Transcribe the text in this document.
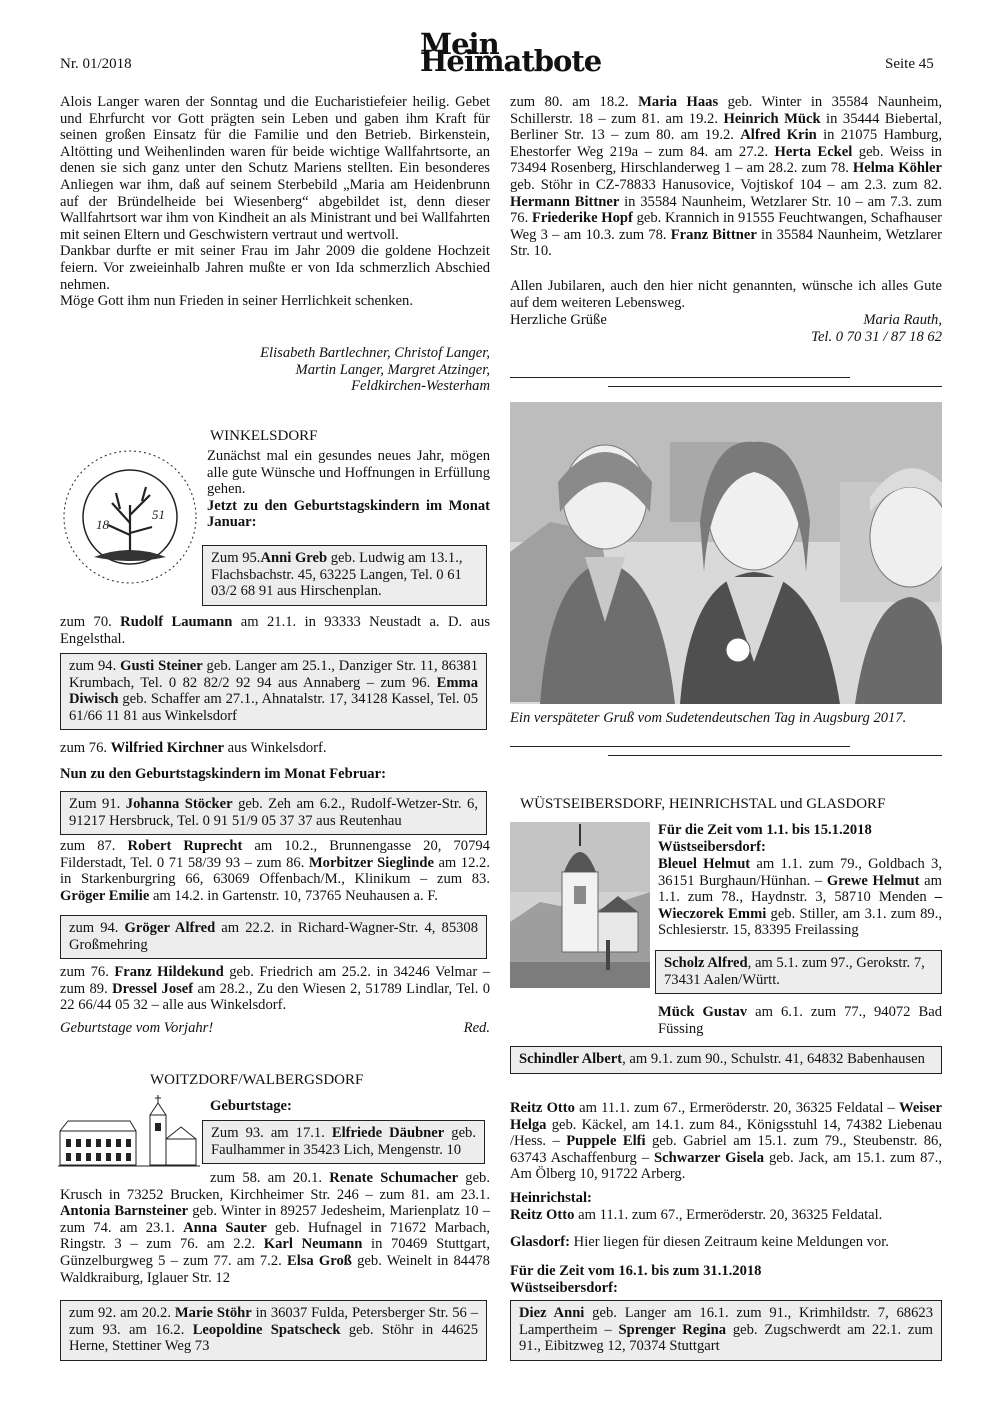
Nr. 01/2018
Mein Heimatbote	Seite 45

Alois Langer waren der Sonntag und die Eucharistiefeier heilig. Gebet und Ehrfurcht vor Gott prägten sein Leben und gaben ihm Kraft für seinen großen Einsatz für die Familie und den Betrieb. Birkenstein, Altötting und Weihenlinden waren für beide wichtige Wallfahrtsorte, an denen sie sich ganz unter den Schutz Mariens stellten. Ein besonderes Anliegen war ihm, daß auf seinem Sterbebild „Maria am Heidenbrunn auf der Bründelheide bei Wiesenberg“ abgebildet ist, denn dieser Wallfahrtsort war ihm von Kindheit an als Ministrant und bei Wallfahrten mit seinen Eltern und Geschwistern vertraut und wertvoll.

Dankbar durfte er mit seiner Frau im Jahr 2009 die goldene Hochzeit feiern. Vor zweieinhalb Jahren mußte er von Ida schmerzlich Abschied nehmen.

Möge Gott ihm nun Frieden in seiner Herrlichkeit schenken.

Elisabeth Bartlechner, Christof Langer,

Martin Langer, Margret Atzinger,

Feldkirchen-Westerham

WINKELSDORF
18
51

Zunächst mal ein gesundes neues Jahr, mögen alle gute Wünsche und Hoffnungen in Erfüllung gehen.

Jetzt zu den Geburtstagskindern im Monat Januar:

Zum 95.Anni Greb geb. Ludwig am 13.1., Flachsbachstr. 45, 63225 Langen, Tel. 0 61 03/2 68 91 aus Hirschenplan.
zum 70. Rudolf Laumann am 21.1. in 93333 Neustadt a. D. aus Engelsthal.
zum 94. Gusti Steiner geb. Langer am 25.1., Danziger Str. 11, 86381 Krumbach, Tel. 0 82 82/2 92 94 aus Annaberg – zum 96. Emma Diwisch geb. Schaffer am 27.1., Ahnatalstr. 17, 34128 Kassel, Tel. 05 61/66 11 81 aus Winkelsdorf
zum 76. Wilfried Kirchner aus Winkelsdorf.
Nun zu den Geburtstagskindern im Monat Februar:
Zum 91. Johanna Stöcker geb. Zeh am 6.2., Rudolf-Wetzer-Str. 6, 91217 Hersbruck, Tel. 0 91 51/9 05 37 37 aus Reutenhau
zum 87. Robert Ruprecht am 10.2., Brunnengasse 20, 70794 Filderstadt, Tel. 0 71 58/39 93 – zum 86. Morbitzer Sieglinde am 12.2. in Starkenburgring 66, 63069 Offenbach/M., Klinikum – zum 83. Gröger Emilie am 14.2. in Gartenstr. 10, 73765 Neuhausen a. F.
zum 94. Gröger Alfred am 22.2. in Richard-Wagner-Str. 4, 85308 Großmehring
zum 76. Franz Hildekund geb. Friedrich am 25.2. in 34246 Velmar – zum 89. Dressel Josef am 28.2., Zu den Wiesen 2, 51789 Lindlar, Tel. 0 22 66/44 05 32 – alle aus Winkelsdorf.
Geburtstage vom Vorjahr!	Red.
WOITZDORF/WALBERGSDORF
Geburtstage:
Zum 93. am 17.1. Elfriede Däubner geb. Faulhammer in 35423 Lich, Mengenstr. 10
zum 58. am 20.1. Renate Schumacher geb. Krusch in 73252 Brucken, Kirchheimer Str. 246 – zum 81. am 23.1. Antonia Barnsteiner geb. Winter in 89257 Jedesheim, Marienplatz 10 – zum 74. am 23.1. Anna Sauter geb. Hufnagel in 71672 Marbach, Ringstr. 3 – zum 76. am 2.2. Karl Neumann in 70469 Stuttgart, Günzelburgweg 5 – zum 77. am 7.2. Elsa Groß geb. Weinelt in 84478 Waldkraiburg, Iglauer Str. 12
zum 92. am 20.2. Marie Stöhr in 36037 Fulda, Petersberger Str. 56 – zum 93. am 16.2. Leopoldine Spatscheck geb. Stöhr in 44625 Herne, Stettiner Weg 73
zum 80. am 18.2. Maria Haas geb. Winter in 35584 Naunheim, Schillerstr. 18 – zum 81. am 19.2. Heinrich Mück in 35444 Biebertal, Berliner Str. 13 – zum 80. am 19.2. Alfred Krin in 21075 Hamburg, Ehestorfer Weg 219a – zum 84. am 27.2. Herta Eckel geb. Weiss in 73494 Rosenberg, Hirschlanderweg 1 – am 28.2. zum 78. Helma Köhler geb. Stöhr in CZ-78833 Hanusovice, Vojtiskof 104 – am 2.3. zum 82. Hermann Bittner in 35584 Naunheim, Wetzlarer Str. 10 – am 7.3. zum 76. Friederike Hopf geb. Krannich in 91555 Feuchtwangen, Schafhauser Weg 3 – am 10.3. zum 78. Franz Bittner in 35584 Naunheim, Wetzlarer Str. 10.
Allen Jubilaren, auch den hier nicht genannten, wünsche ich alles Gute auf dem weiteren Lebensweg.
Herzliche Grüße	Maria Rauth,
Tel. 0 70 31 / 87 18 62
Ein verspäteter Gruß vom Sudetendeutschen Tag in Augsburg 2017.
WÜSTSEIBERSDORF, HEINRICHSTAL und GLASDORF

Für die Zeit vom 1.1. bis 15.1.2018

Wüstseibersdorf:

Bleuel Helmut am 1.1. zum 79., Goldbach 3, 36151 Burghaun/Hünhan. – Grewe Helmut am 1.1. zum 78., Haydnstr. 3, 58710 Menden – Wieczorek Emmi geb. Stiller, am 3.1. zum 89., Schlesierstr. 15, 83395 Freilassing
Scholz Alfred, am 5.1. zum 97., Gerokstr. 7, 73431 Aalen/Württ.
Mück Gustav am 6.1. zum 77., 94072 Bad Füssing
Schindler Albert, am 9.1. zum 90., Schulstr. 41, 64832 Babenhausen
Reitz Otto am 11.1. zum 67., Ermeröderstr. 20, 36325 Feldatal – Weiser Helga geb. Käckel, am 14.1. zum 84., Königsstuhl 14, 74382 Liebenau /Hess. – Puppele Elfi geb. Gabriel am 15.1. zum 79., Steubenstr. 86, 63743 Aschaffenburg – Schwarzer Gisela geb. Jack, am 15.1. zum 87., Am Ölberg 10, 91722 Arberg.

Heinrichstal:

Reitz Otto am 11.1. zum 67., Ermeröderstr. 20, 36325 Feldatal.

Glasdorf: Hier liegen für diesen Zeitraum keine Meldungen vor.

Für die Zeit vom 16.1. bis zum 31.1.2018

Wüstseibersdorf:

Diez Anni geb. Langer am 16.1. zum 91., Krimhildstr. 7, 68623 Lampertheim – Sprenger Regina geb. Zugschwerdt am 22.1. zum 91., Eibitzweg 12, 70374 Stuttgart
